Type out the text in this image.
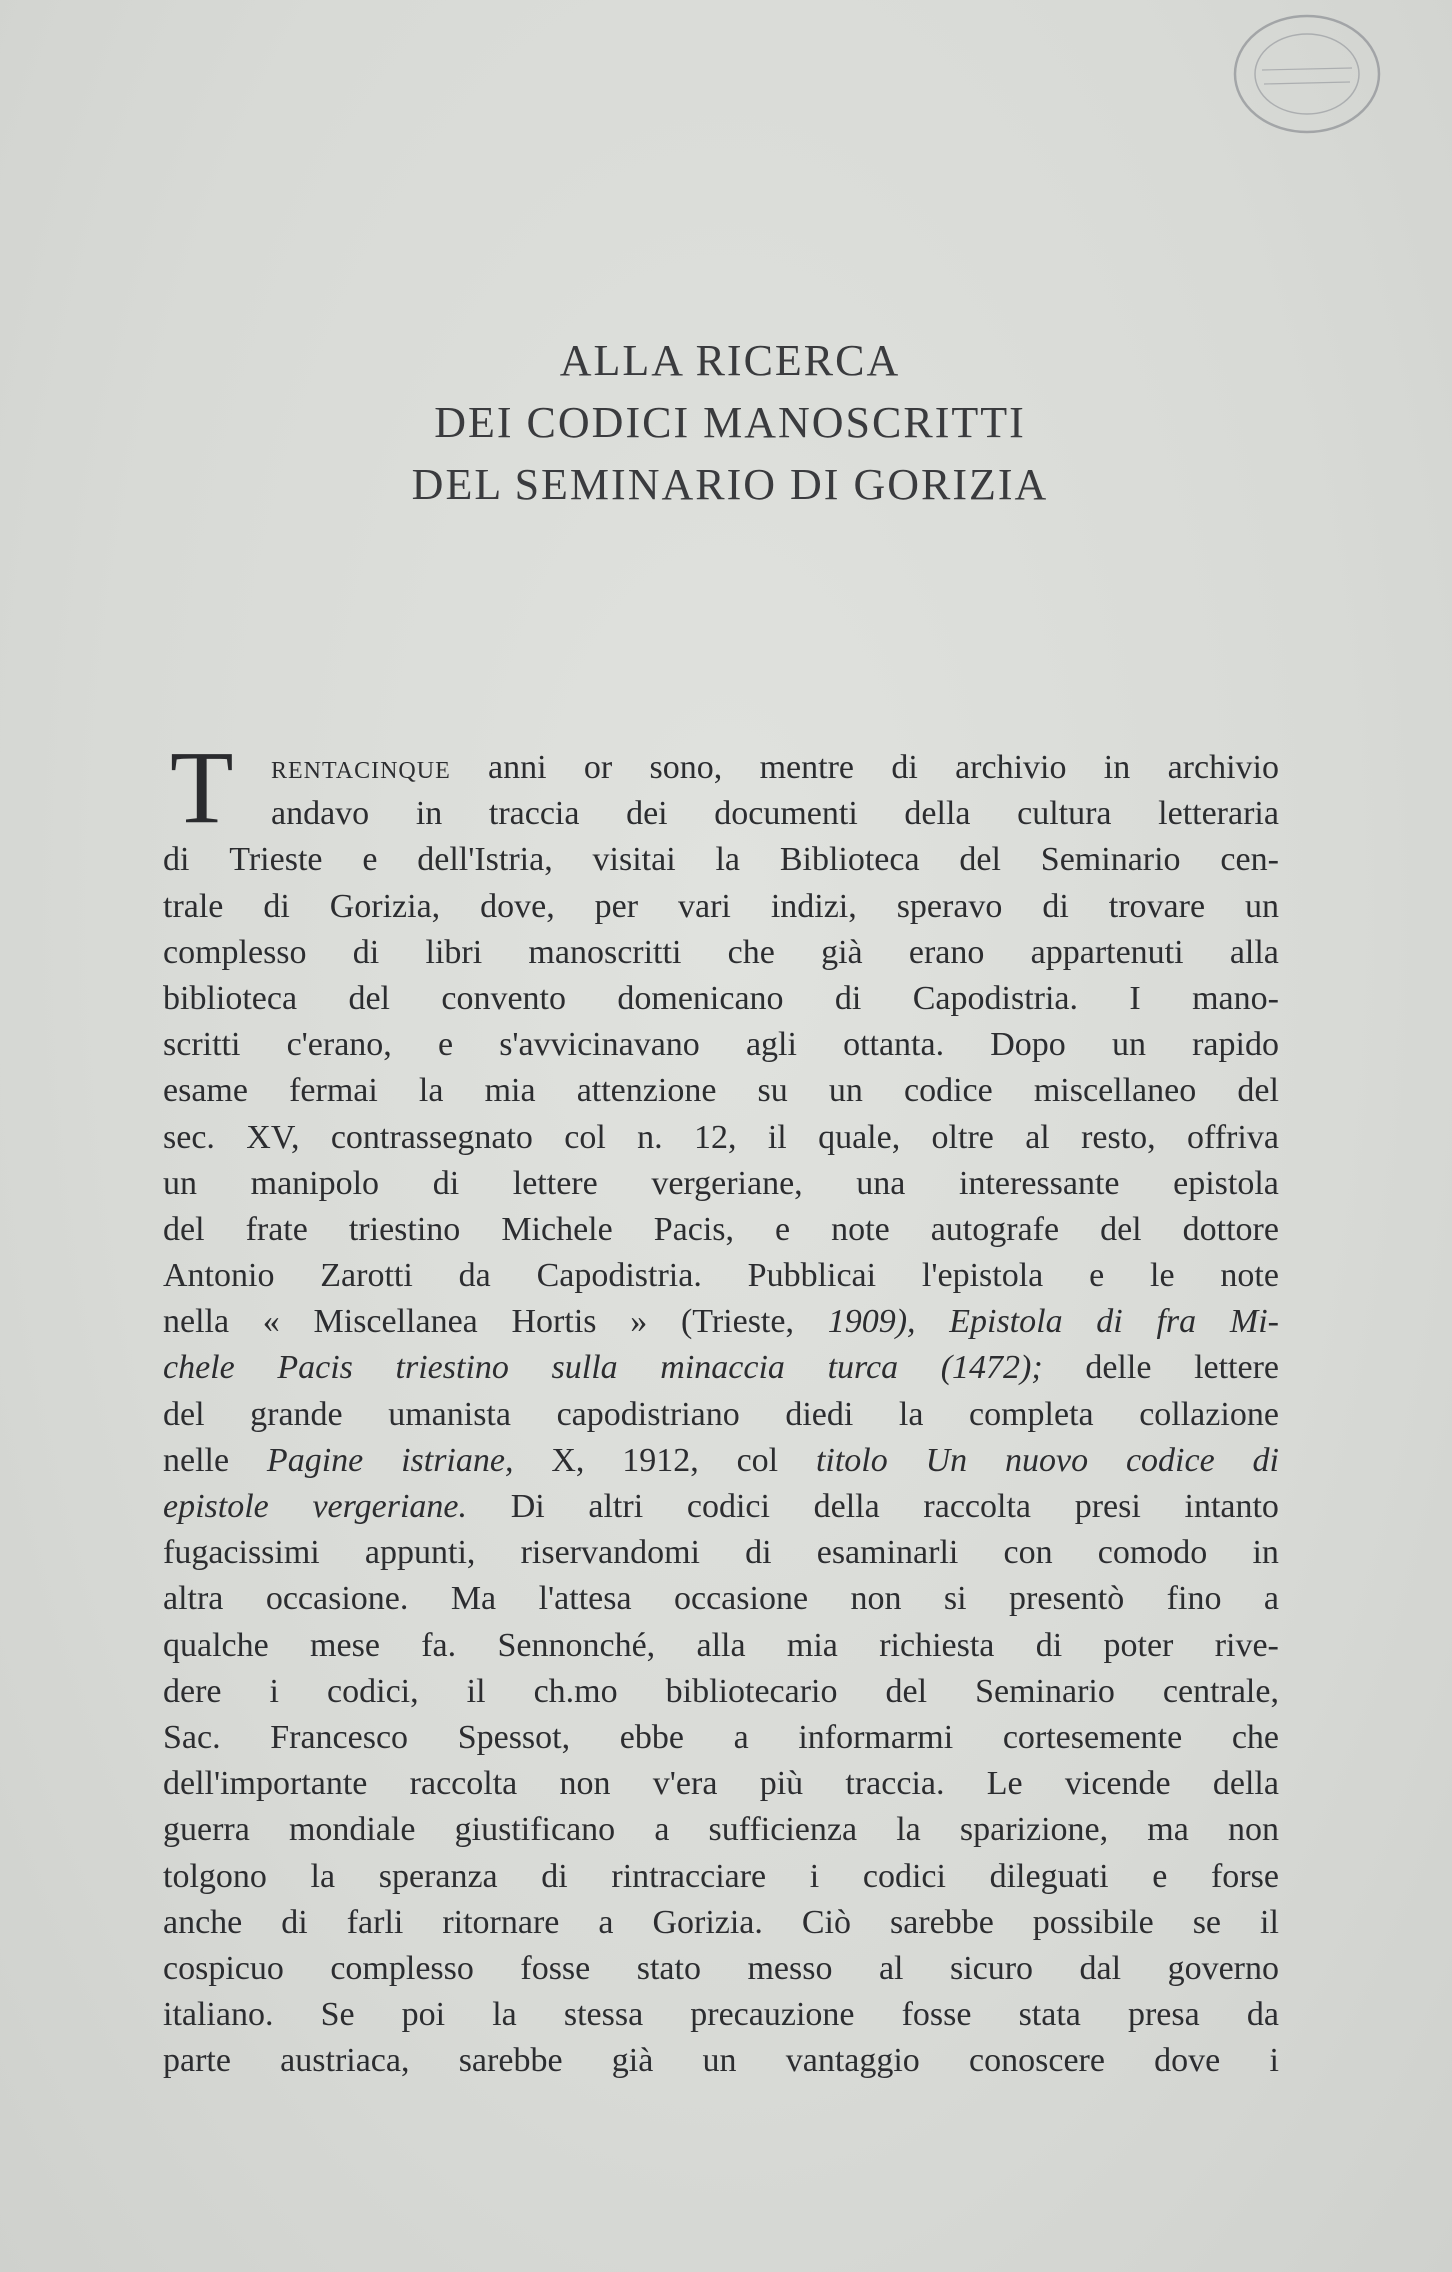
ALLA RICERCA
DEI CODICI MANOSCRITTI
DEL SEMINARIO DI GORIZIA
T rentacinque anni or sono, mentre di archivio in archivio
andavo in traccia dei documenti della cultura letteraria
di Trieste e dell'Istria, visitai la Biblioteca del Seminario cen-
trale di Gorizia, dove, per vari indizi, speravo di trovare un
complesso di libri manoscritti che già erano appartenuti alla
biblioteca del convento domenicano di Capodistria. I mano-
scritti c'erano, e s'avvicinavano agli ottanta. Dopo un rapido
esame fermai la mia attenzione su un codice miscellaneo del
sec. XV, contrassegnato col n. 12, il quale, oltre al resto, offriva
un manipolo di lettere vergeriane, una interessante epistola
del frate triestino Michele Pacis, e note autografe del dottore
Antonio Zarotti da Capodistria. Pubblicai l'epistola e le note
nella « Miscellanea Hortis » (Trieste, 1909), Epistola di fra Mi-
chele Pacis triestino sulla minaccia turca (1472); delle lettere
del grande umanista capodistriano diedi la completa collazione
nelle Pagine istriane, X, 1912, col titolo Un nuovo codice di
epistole vergeriane. Di altri codici della raccolta presi intanto
fugacissimi appunti, riservandomi di esaminarli con comodo in
altra occasione. Ma l'attesa occasione non si presentò fino a
qualche mese fa. Sennonché, alla mia richiesta di poter rive-
dere i codici, il ch.mo bibliotecario del Seminario centrale,
Sac. Francesco Spessot, ebbe a informarmi cortesemente che
dell'importante raccolta non v'era più traccia. Le vicende della
guerra mondiale giustificano a sufficienza la sparizione, ma non
tolgono la speranza di rintracciare i codici dileguati e forse
anche di farli ritornare a Gorizia. Ciò sarebbe possibile se il
cospicuo complesso fosse stato messo al sicuro dal governo
italiano. Se poi la stessa precauzione fosse stata presa da
parte austriaca, sarebbe già un vantaggio conoscere dove i
